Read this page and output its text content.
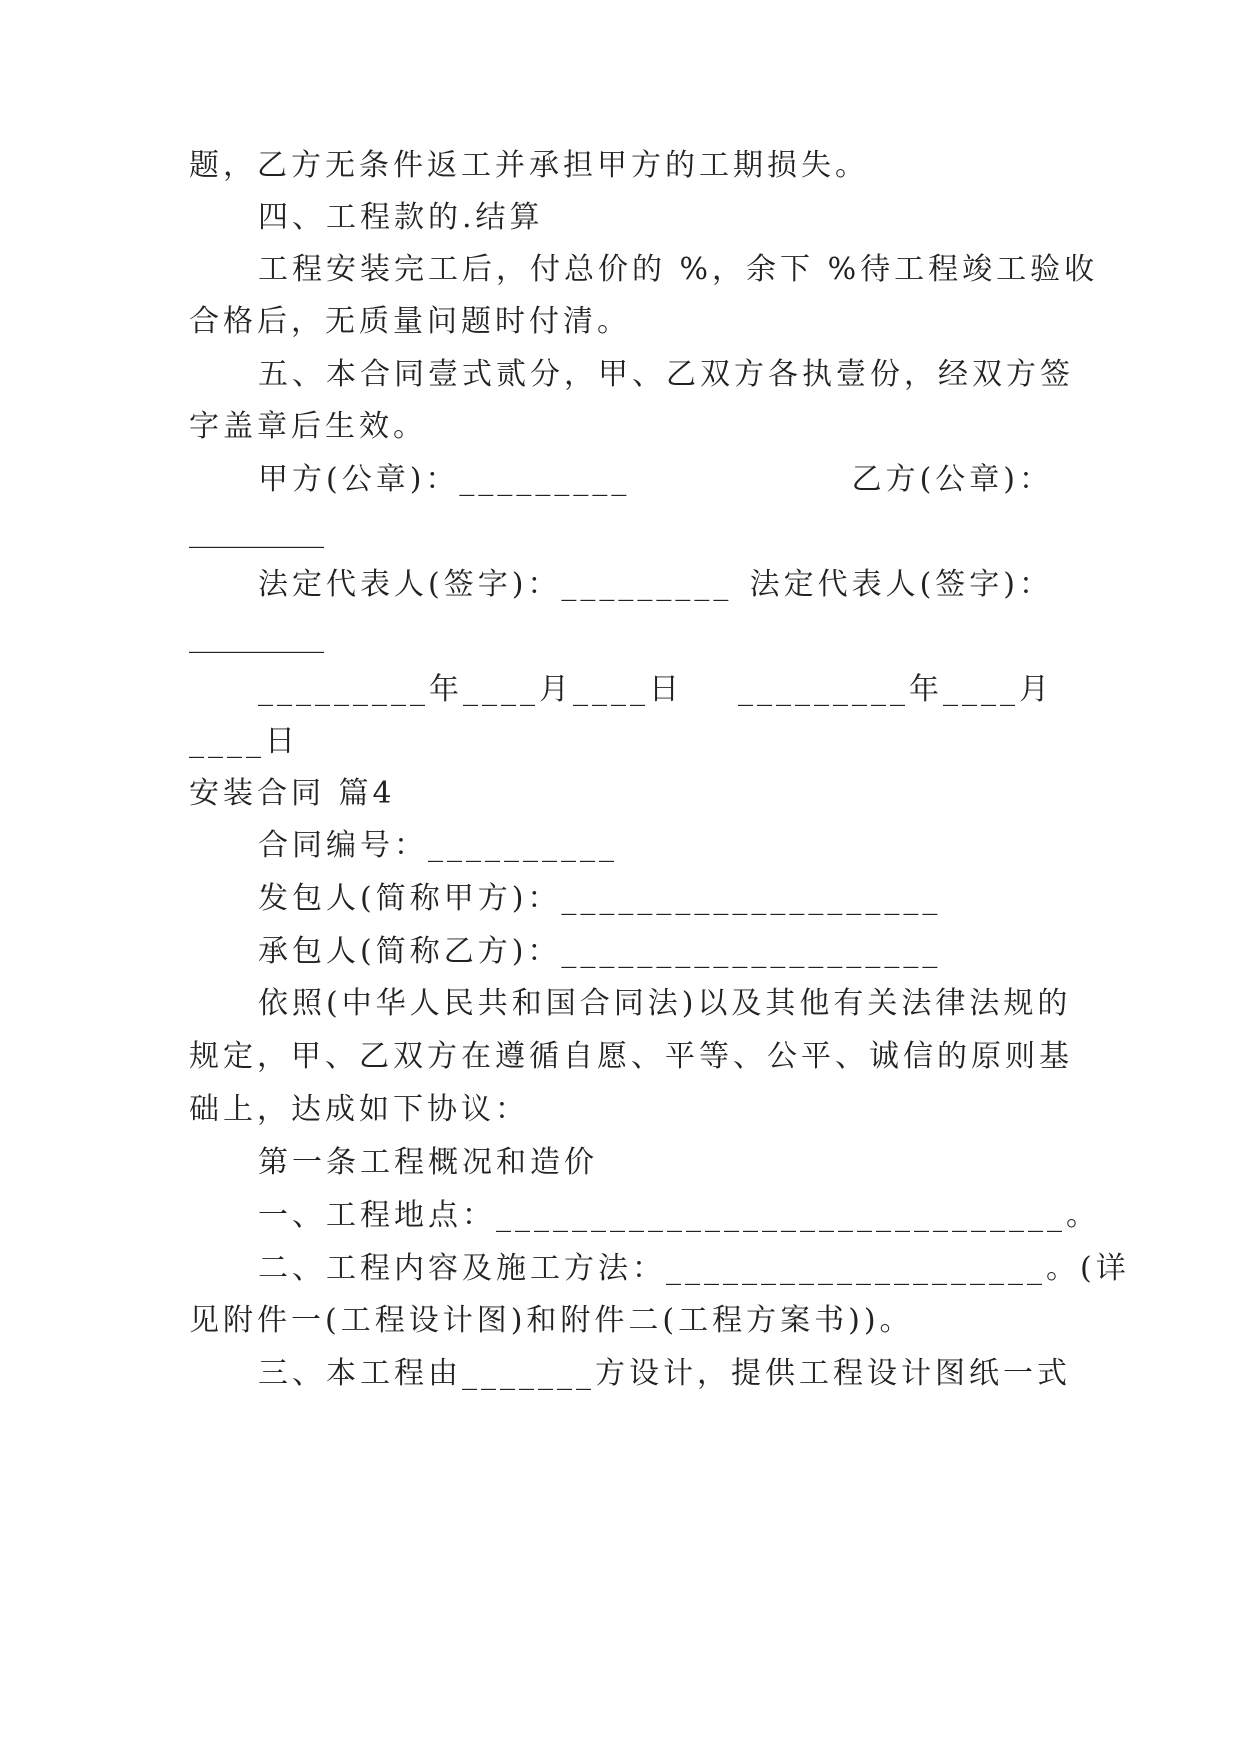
题，乙方无条件返工并承担甲方的工期损失。
四、工程款的.结算
工程安装完工后，付总价的 %，余下 %待工程竣工验收
合格后，无质量问题时付清。
五、本合同壹式贰分，甲、乙双方各执壹份，经双方签
字盖章后生效。
甲方(公章)：_________	乙方(公章)：
_________
法定代表人(签字)：_________ 法定代表人(签字)：
_________
_________年____月____日 _________年____月
____日
安装合同 篇4
合同编号：__________
发包人(简称甲方)：____________________
承包人(简称乙方)：____________________
依照(中华人民共和国合同法)以及其他有关法律法规的
规定，甲、乙双方在遵循自愿、平等、公平、诚信的原则基
础上，达成如下协议：
第一条工程概况和造价
一、工程地点：______________________________。
二、工程内容及施工方法：____________________。(详
见附件一(工程设计图)和附件二(工程方案书))。
三、本工程由_______方设计，提供工程设计图纸一式
